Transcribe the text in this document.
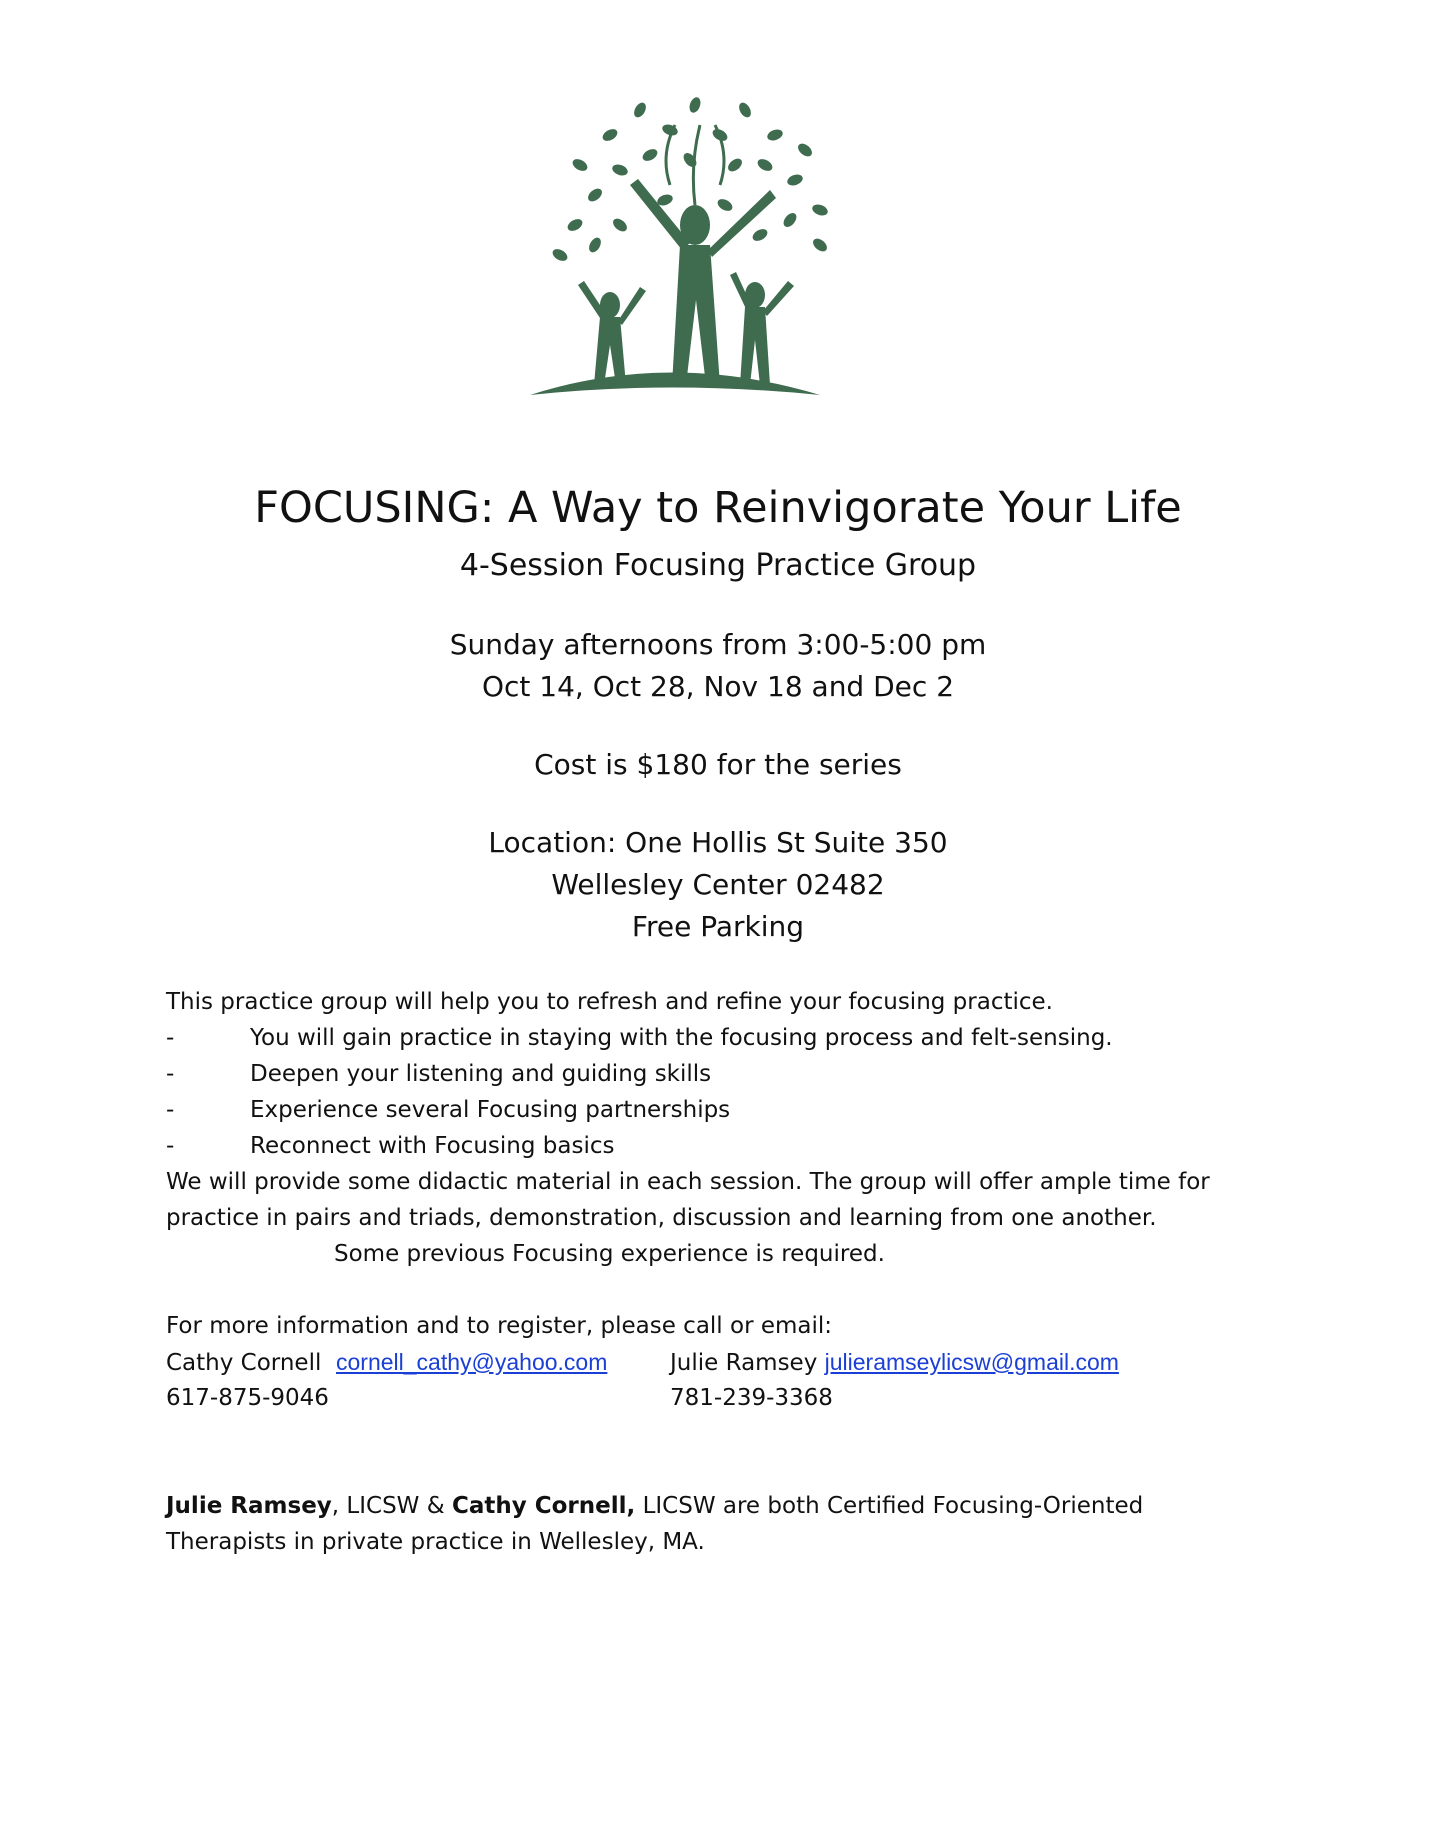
FOCUSING: A Way to Reinvigorate Your Life
4-Session Focusing Practice Group
Sunday afternoons from 3:00-5:00 pm
Oct 14, Oct 28, Nov 18 and Dec 2
Cost is $180 for the series
Location: One Hollis St Suite 350
Wellesley Center 02482
Free Parking
This practice group will help you to refresh and refine your focusing practice.
-	You will gain practice in staying with the focusing process and felt-sensing.
-	Deepen your listening and guiding skills
-	Experience several Focusing partnerships
-	Reconnect with Focusing basics
We will provide some didactic material in each session. The group will offer ample time for
practice in pairs and triads, demonstration, discussion and learning from one another.
Some previous Focusing experience is required.
For more information and to register, please call or email:
Cathy Cornell cornell_cathy@yahoo.com
617-875-9046
Julie Ramsey julieramseylicsw@gmail.com
781-239-3368
Julie Ramsey, LICSW & Cathy Cornell, LICSW are both Certified Focusing-Oriented
Therapists in private practice in Wellesley, MA.
